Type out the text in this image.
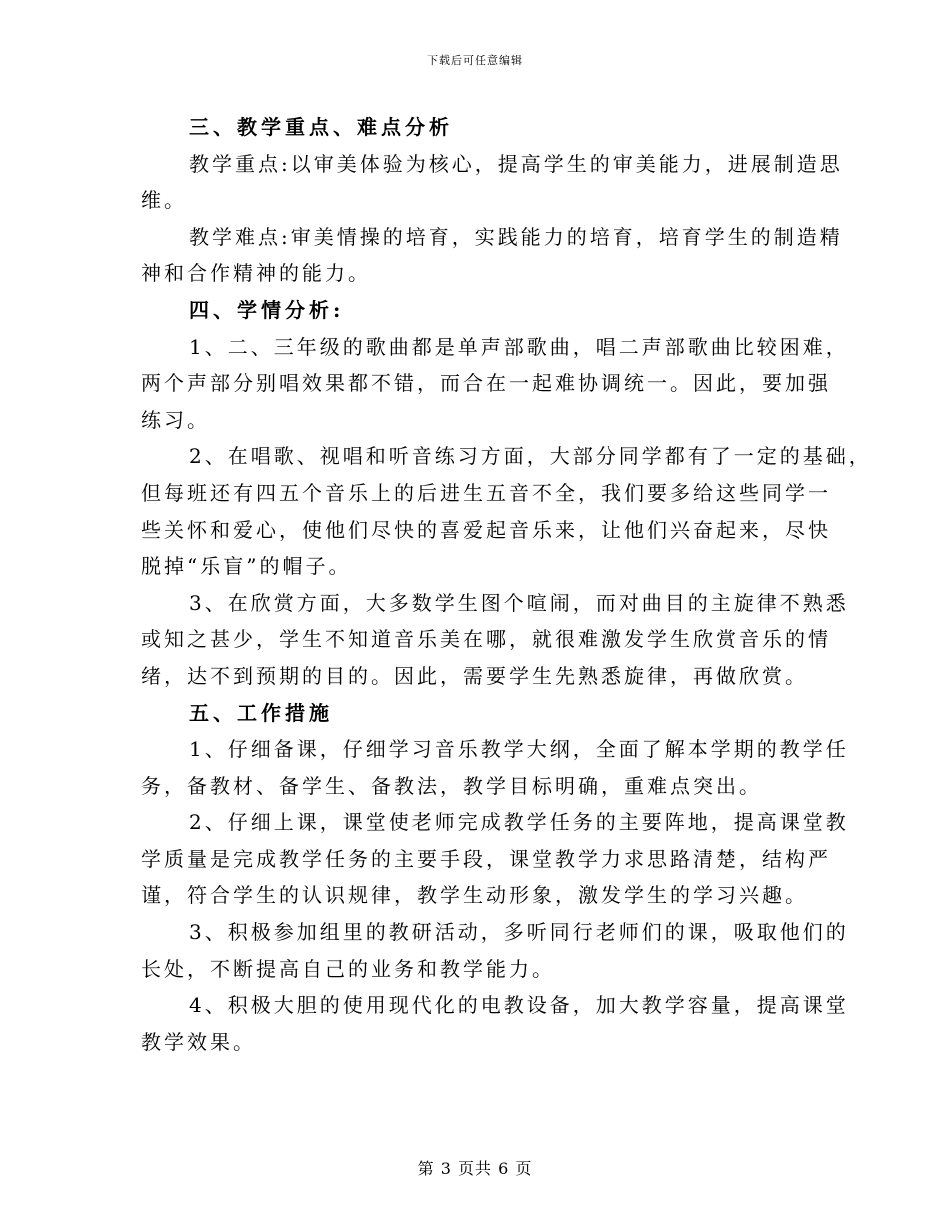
下载后可任意编辑
三、教学重点、难点分析
教学重点:以审美体验为核心，提高学生的审美能力，进展制造思
维。
教学难点:审美情操的培育，实践能力的培育，培育学生的制造精
神和合作精神的能力。
四、学情分析:
1、二、三年级的歌曲都是单声部歌曲，唱二声部歌曲比较困难，
两个声部分别唱效果都不错，而合在一起难协调统一。因此，要加强
练习。
2、在唱歌、视唱和听音练习方面，大部分同学都有了一定的基础，
但每班还有四五个音乐上的后进生五音不全，我们要多给这些同学一
些关怀和爱心，使他们尽快的喜爱起音乐来，让他们兴奋起来，尽快
脱掉“乐盲”的帽子。
3、在欣赏方面，大多数学生图个喧闹，而对曲目的主旋律不熟悉
或知之甚少，学生不知道音乐美在哪，就很难激发学生欣赏音乐的情
绪，达不到预期的目的。因此，需要学生先熟悉旋律，再做欣赏。
五、工作措施
1、仔细备课，仔细学习音乐教学大纲，全面了解本学期的教学任
务，备教材、备学生、备教法，教学目标明确，重难点突出。
2、仔细上课，课堂使老师完成教学任务的主要阵地，提高课堂教
学质量是完成教学任务的主要手段，课堂教学力求思路清楚，结构严
谨，符合学生的认识规律，教学生动形象，激发学生的学习兴趣。
3、积极参加组里的教研活动，多听同行老师们的课，吸取他们的
长处，不断提高自己的业务和教学能力。
4、积极大胆的使用现代化的电教设备，加大教学容量，提高课堂
教学效果。
第 3 页共 6 页
